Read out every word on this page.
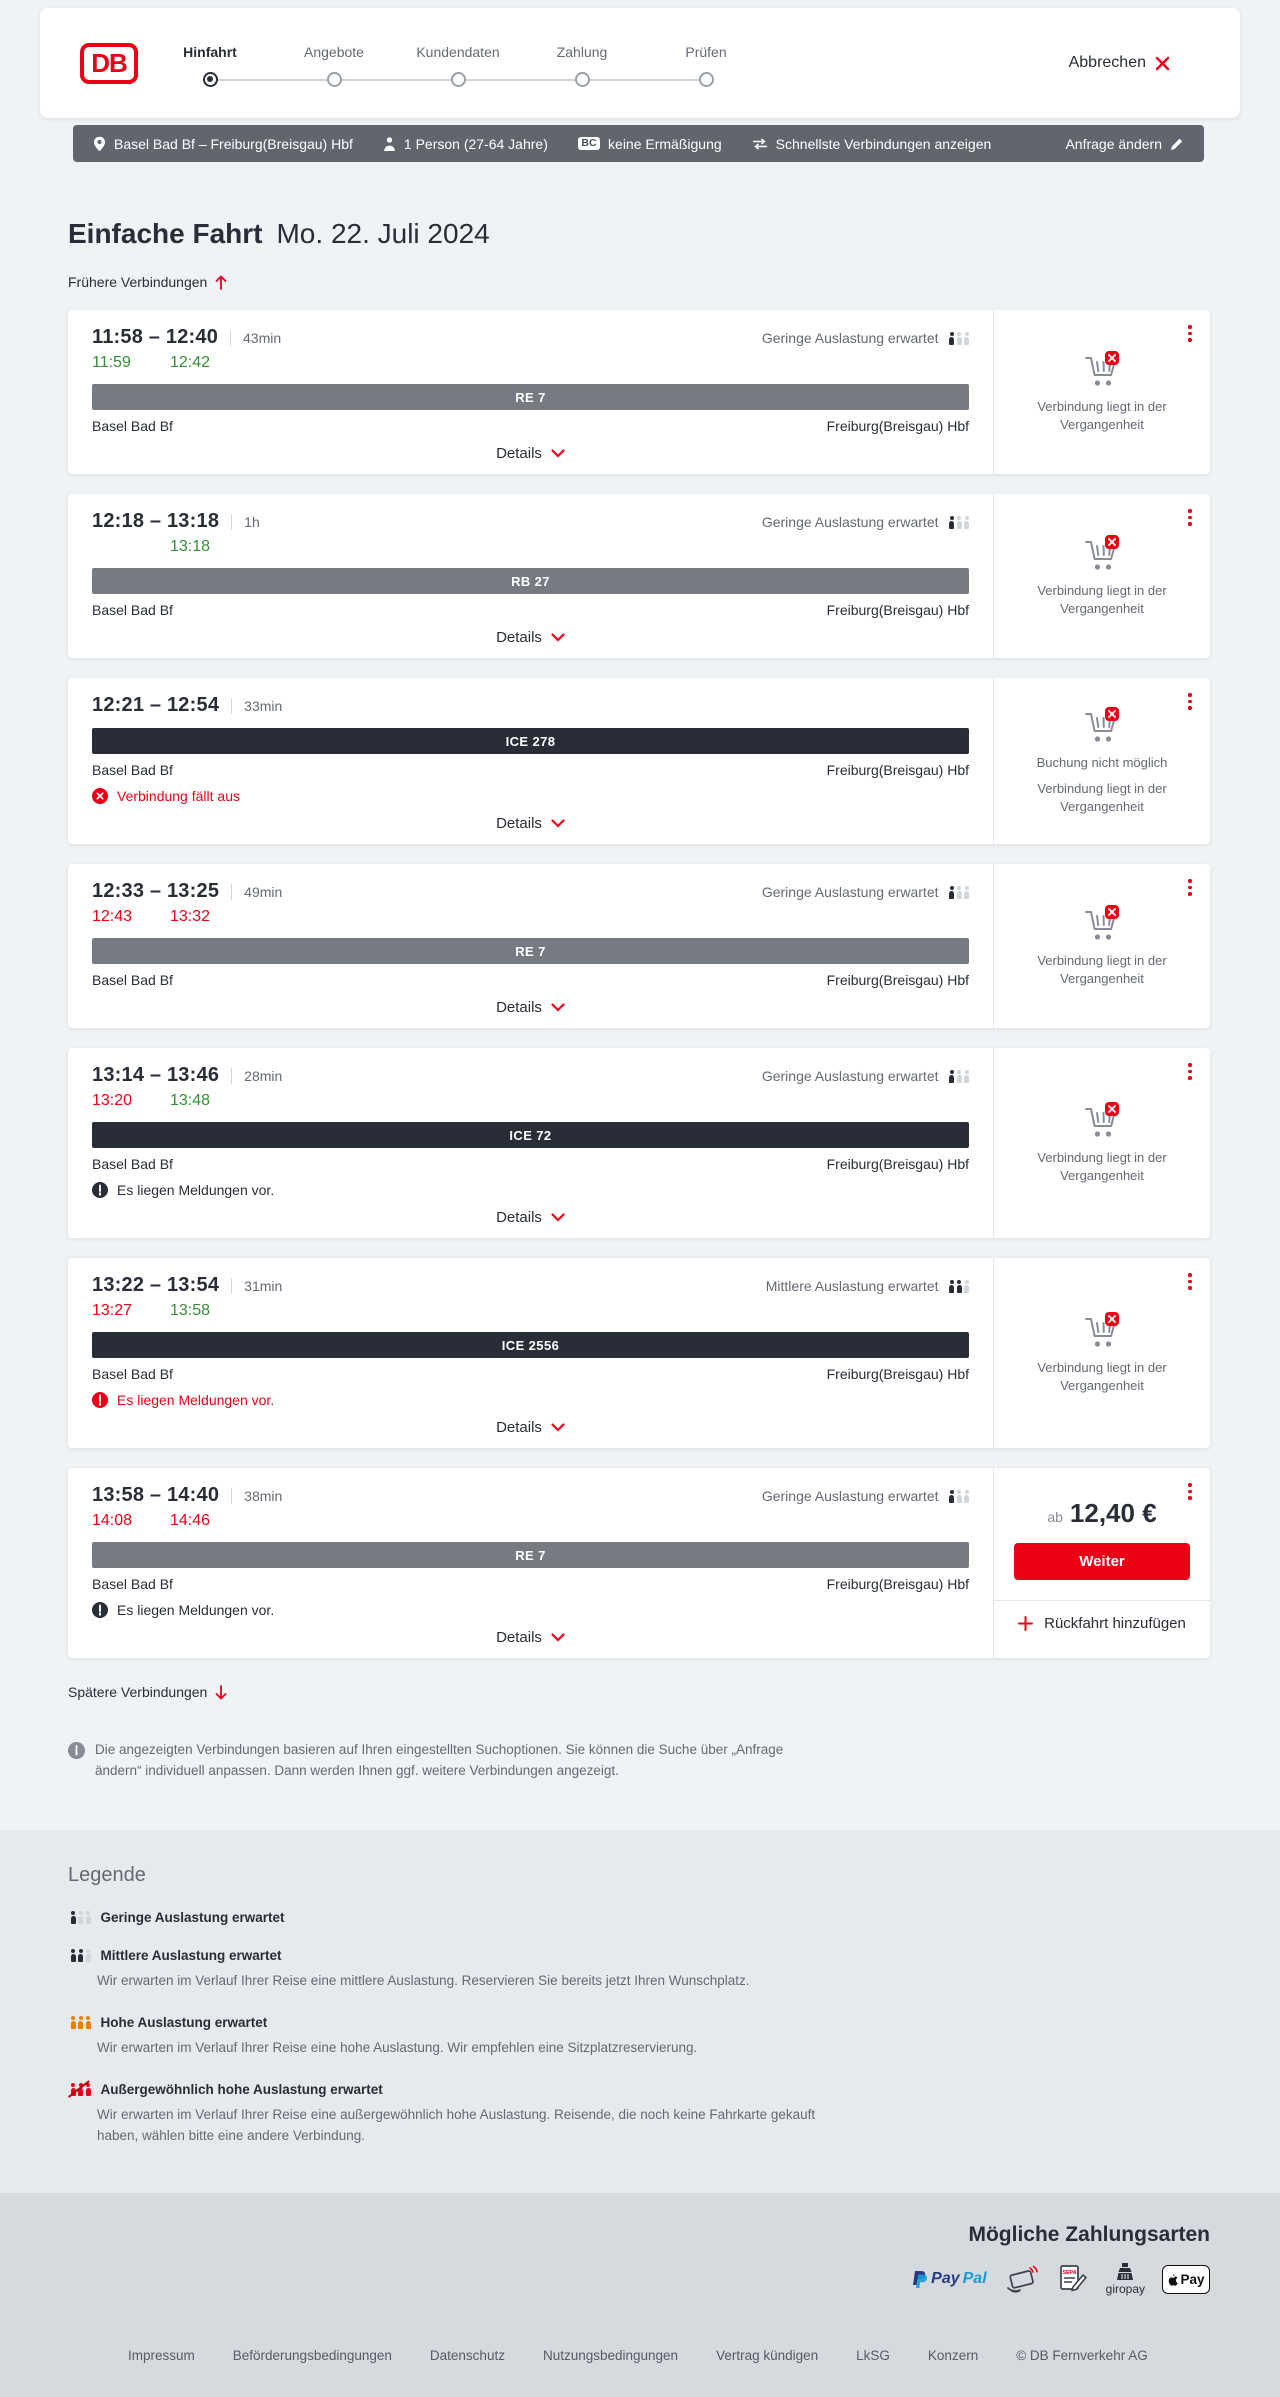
DB	Hinfahrt	Angebote	Kundendaten	Zahlung	Prüfen
Abbrechen
Basel Bad Bf – Freiburg(Breisgau) Hbf	1 Person (27-64 Jahre)	BC keine Ermäßigung	Schnellste Verbindungen anzeigen	Anfrage ändern
Einfache Fahrt Mo. 22. Juli 2024
Frühere Verbindungen
11:58 – 12:40 43min	Geringe Auslastung erwartet
11:59	12:42
RE 7
Basel Bad Bf	Freiburg(Breisgau) Hbf
Details

Verbindung liegt in der Vergangenheit

12:18 – 13:18 1h	Geringe Auslastung erwartet
13:18
RB 27
Basel Bad Bf	Freiburg(Breisgau) Hbf
Details

Verbindung liegt in der Vergangenheit

12:21 – 12:54 33min
ICE 278
Basel Bad Bf	Freiburg(Breisgau) Hbf
Verbindung fällt aus
Details

Buchung nicht möglich

Verbindung liegt in der Vergangenheit

12:33 – 13:25 49min	Geringe Auslastung erwartet
12:43	13:32
RE 7
Basel Bad Bf	Freiburg(Breisgau) Hbf
Details

Verbindung liegt in der Vergangenheit

13:14 – 13:46 28min	Geringe Auslastung erwartet
13:20	13:48
ICE 72
Basel Bad Bf	Freiburg(Breisgau) Hbf
Es liegen Meldungen vor.
Details

Verbindung liegt in der Vergangenheit

13:22 – 13:54 31min	Mittlere Auslastung erwartet
13:27	13:58
ICE 2556
Basel Bad Bf	Freiburg(Breisgau) Hbf
Es liegen Meldungen vor.
Details

Verbindung liegt in der Vergangenheit

13:58 – 14:40 38min	Geringe Auslastung erwartet
14:08	14:46
RE 7
Basel Bad Bf	Freiburg(Breisgau) Hbf
Es liegen Meldungen vor.
Details
ab 12,40 €
Weiter
Rückfahrt hinzufügen
Spätere Verbindungen

Die angezeigten Verbindungen basieren auf Ihren eingestellten Suchoptionen. Sie können die Suche über „Anfrage ändern“ individuell anpassen. Dann werden Ihnen ggf. weitere Verbindungen angezeigt.

Legende
Geringe Auslastung erwartet
Mittlere Auslastung erwartet

Wir erwarten im Verlauf Ihrer Reise eine mittlere Auslastung. Reservieren Sie bereits jetzt Ihren Wunschplatz.

Hohe Auslastung erwartet

Wir erwarten im Verlauf Ihrer Reise eine hohe Auslastung. Wir empfehlen eine Sitzplatzreservierung.

Außergewöhnlich hohe Auslastung erwartet

Wir erwarten im Verlauf Ihrer Reise eine außergewöhnlich hohe Auslastung. Reisende, die noch keine Fahrkarte gekauft haben, wählen bitte eine andere Verbindung.

Mögliche Zahlungsarten
Pay Pal	SEPA
giropay
Pay
Impressum	Beförderungsbedingungen	Datenschutz	Nutzungsbedingungen	Vertrag kündigen	LkSG	Konzern	© DB Fernverkehr AG
